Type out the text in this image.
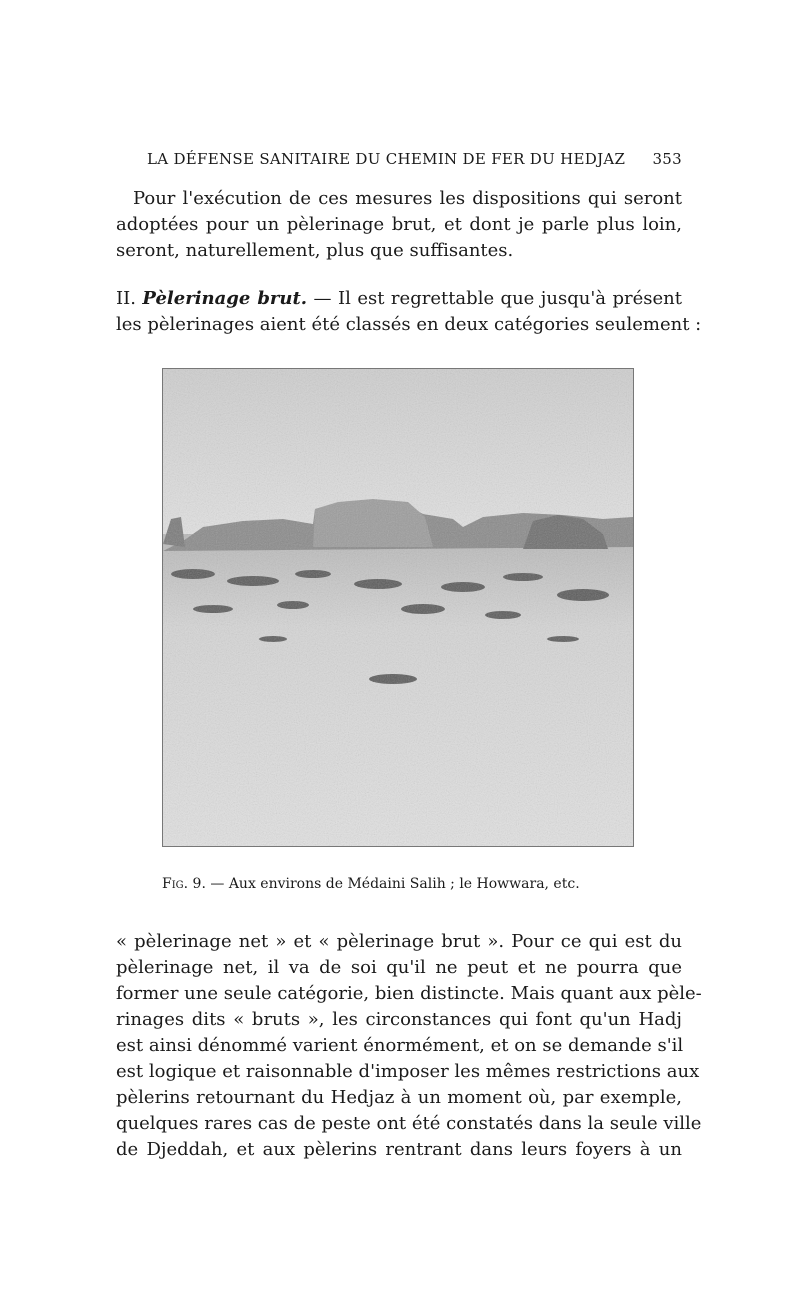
LA DÉFENSE SANITAIRE DU CHEMIN DE FER DU HEDJAZ 353

Pour l'exécution de ces mesures les dispositions qui seront
adoptées pour un pèlerinage brut, et dont je parle plus loin,
seront, naturellement, plus que suffisantes.

II. Pèlerinage brut. — Il est regrettable que jusqu'à présent
les pèlerinages aient été classés en deux catégories seulement :

Fig. 9. — Aux environs de Médaini Salih ; le Howwara, etc.

« pèlerinage net » et « pèlerinage brut ». Pour ce qui est du
pèlerinage net, il va de soi qu'il ne peut et ne pourra que
former une seule catégorie, bien distincte. Mais quant aux pèle-
rinages dits « bruts », les circonstances qui font qu'un Hadj
est ainsi dénommé varient énormément, et on se demande s'il
est logique et raisonnable d'imposer les mêmes restrictions aux
pèlerins retournant du Hedjaz à un moment où, par exemple,
quelques rares cas de peste ont été constatés dans la seule ville
de Djeddah, et aux pèlerins rentrant dans leurs foyers à un
